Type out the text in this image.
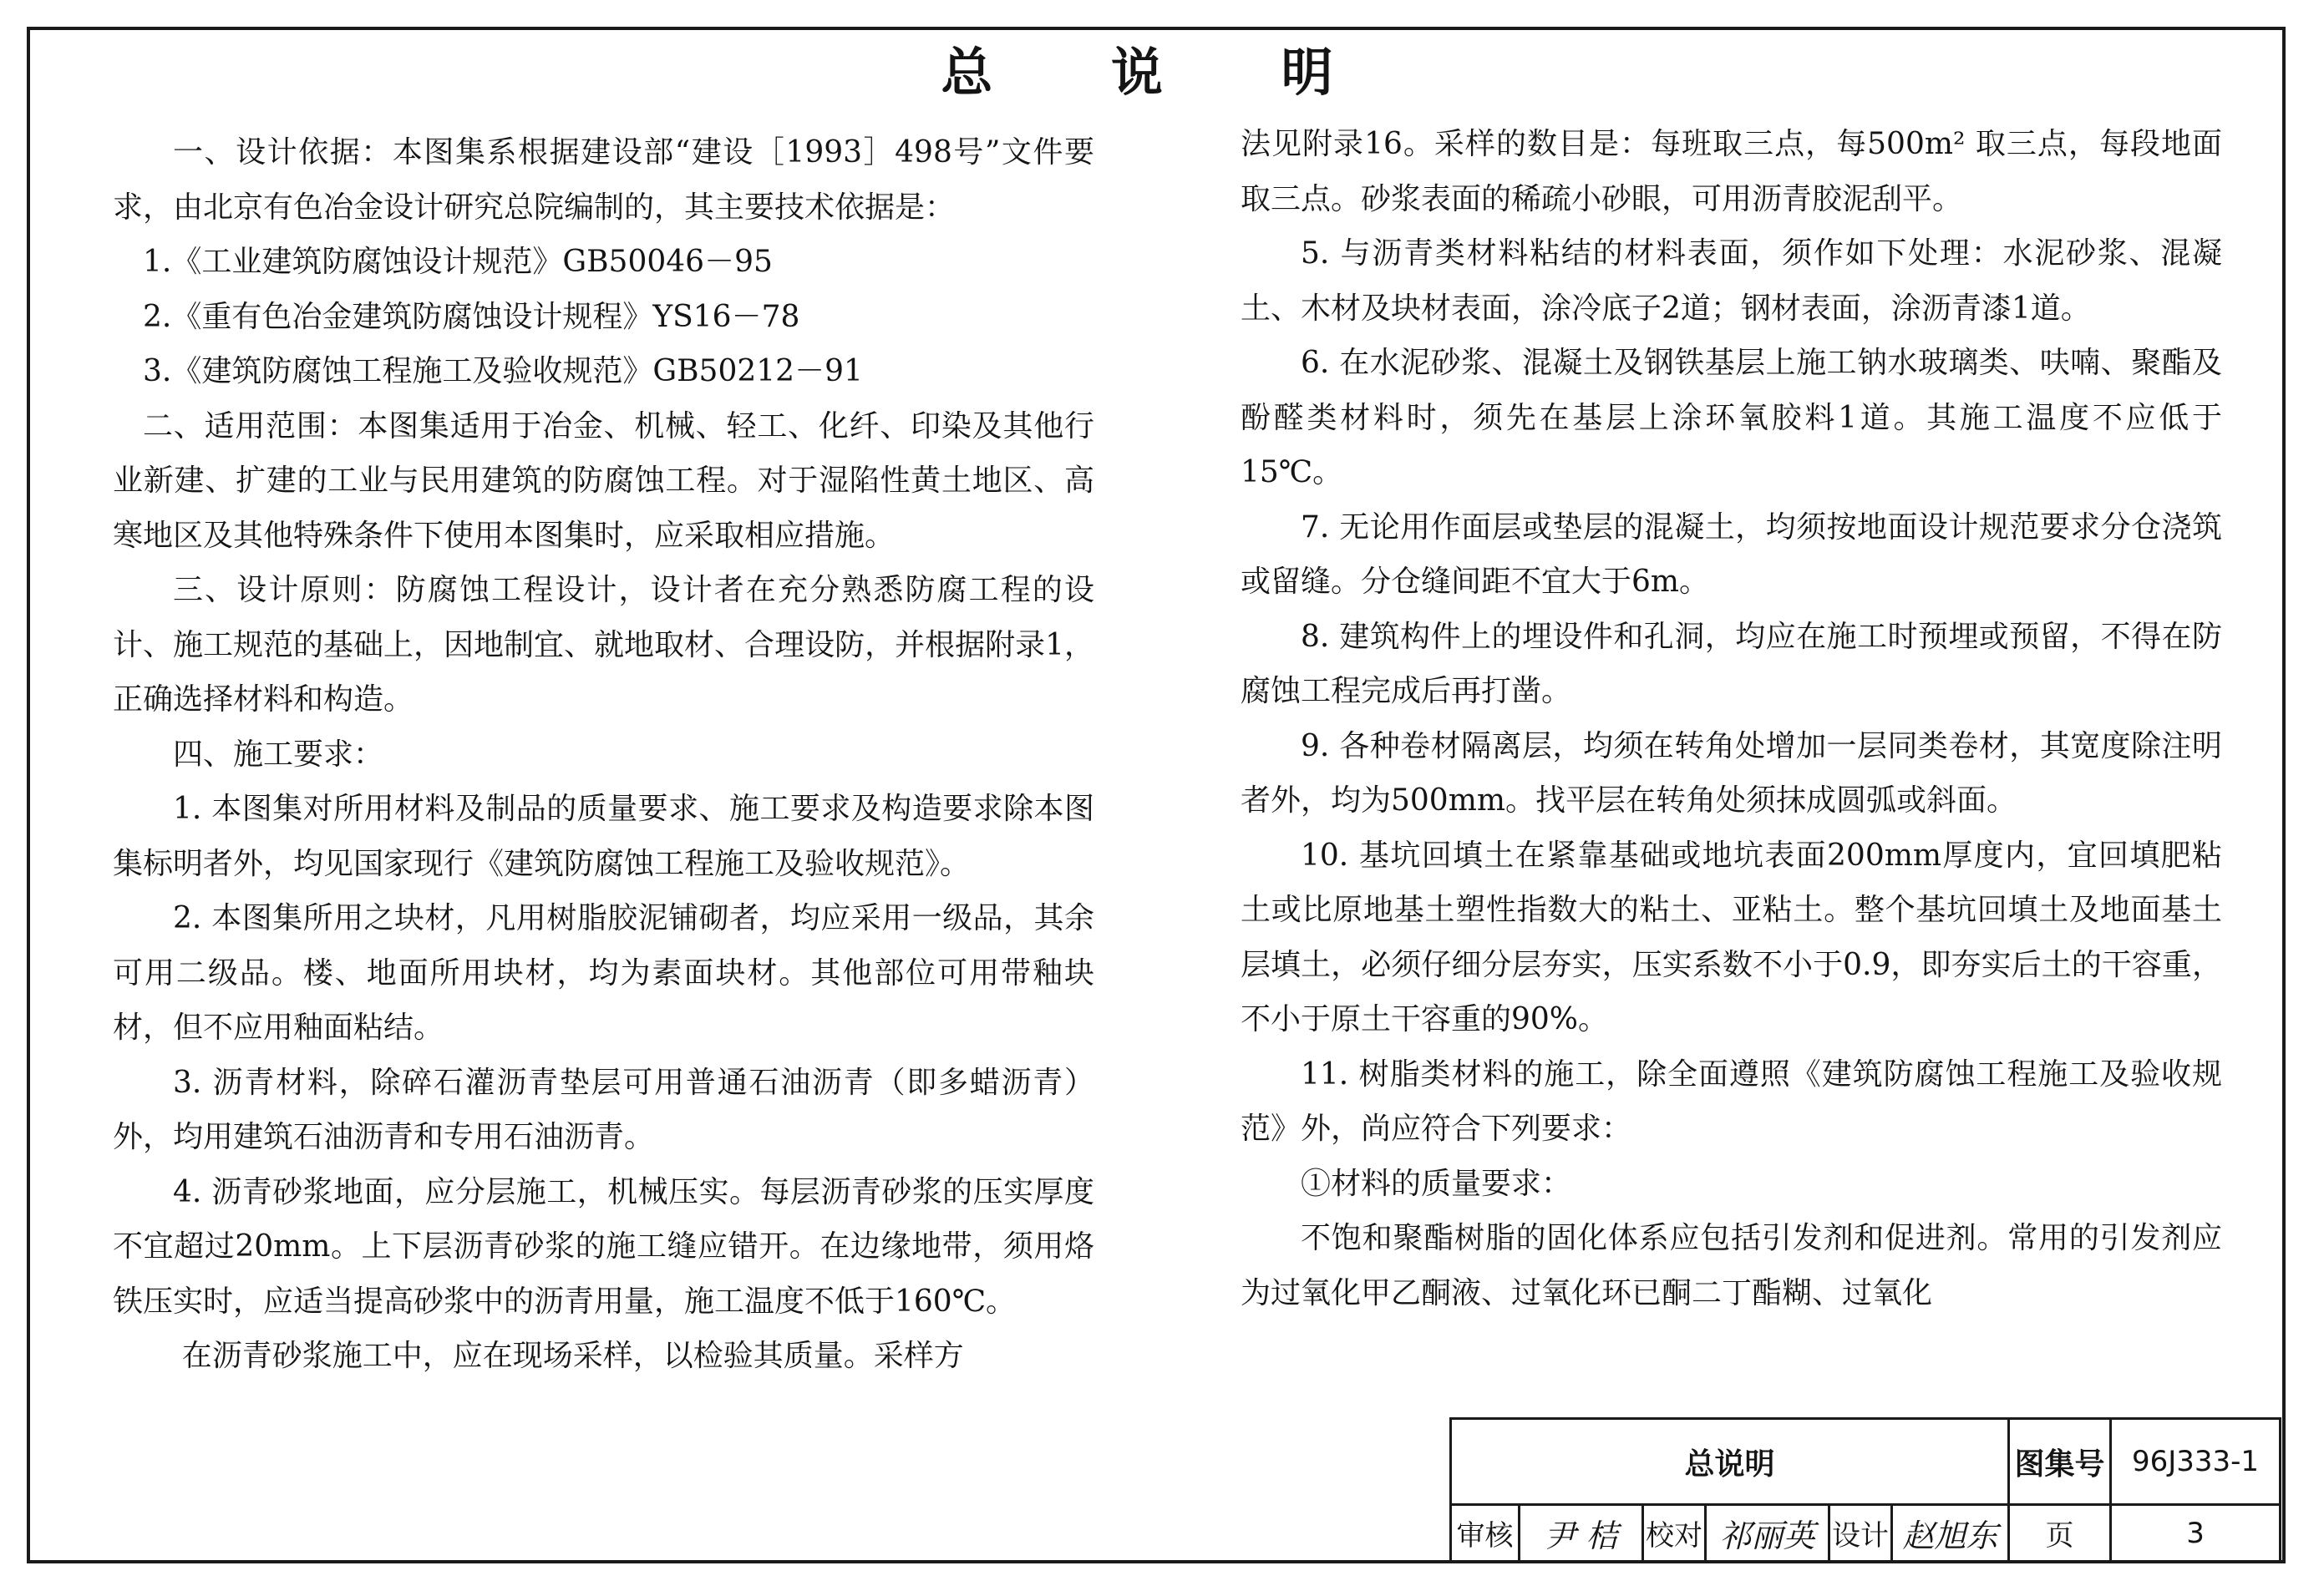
总 说 明

一、设计依据：本图集系根据建设部“建设［1993］498号”文件要求，由北京有色冶金设计研究总院编制的，其主要技术依据是：

1.《工业建筑防腐蚀设计规范》GB50046－95

2.《重有色冶金建筑防腐蚀设计规程》YS16－78

3.《建筑防腐蚀工程施工及验收规范》GB50212－91

二、适用范围：本图集适用于冶金、机械、轻工、化纤、印染及其他行业新建、扩建的工业与民用建筑的防腐蚀工程。对于湿陷性黄土地区、高寒地区及其他特殊条件下使用本图集时，应采取相应措施。

三、设计原则：防腐蚀工程设计，设计者在充分熟悉防腐工程的设计、施工规范的基础上，因地制宜、就地取材、合理设防，并根据附录1，正确选择材料和构造。

四、施工要求：

1. 本图集对所用材料及制品的质量要求、施工要求及构造要求除本图集标明者外，均见国家现行《建筑防腐蚀工程施工及验收规范》。

2. 本图集所用之块材，凡用树脂胶泥铺砌者，均应采用一级品，其余可用二级品。楼、地面所用块材，均为素面块材。其他部位可用带釉块材，但不应用釉面粘结。

3. 沥青材料，除碎石灌沥青垫层可用普通石油沥青（即多蜡沥青）外，均用建筑石油沥青和专用石油沥青。

4. 沥青砂浆地面，应分层施工，机械压实。每层沥青砂浆的压实厚度不宜超过20mm。上下层沥青砂浆的施工缝应错开。在边缘地带，须用烙铁压实时，应适当提高砂浆中的沥青用量，施工温度不低于160℃。

在沥青砂浆施工中，应在现场采样，以检验其质量。采样方

法见附录16。采样的数目是：每班取三点，每500m² 取三点，每段地面取三点。砂浆表面的稀疏小砂眼，可用沥青胶泥刮平。

5. 与沥青类材料粘结的材料表面，须作如下处理：水泥砂浆、混凝土、木材及块材表面，涂冷底子2道；钢材表面，涂沥青漆1道。

6. 在水泥砂浆、混凝土及钢铁基层上施工钠水玻璃类、呋喃、聚酯及酚醛类材料时，须先在基层上涂环氧胶料1道。其施工温度不应低于15℃。

7. 无论用作面层或垫层的混凝土，均须按地面设计规范要求分仓浇筑或留缝。分仓缝间距不宜大于6m。

8. 建筑构件上的埋设件和孔洞，均应在施工时预埋或预留，不得在防腐蚀工程完成后再打凿。

9. 各种卷材隔离层，均须在转角处增加一层同类卷材，其宽度除注明者外，均为500mm。找平层在转角处须抹成圆弧或斜面。

10. 基坑回填土在紧靠基础或地坑表面200mm厚度内，宜回填肥粘土或比原地基土塑性指数大的粘土、亚粘土。整个基坑回填土及地面基土层填土，必须仔细分层夯实，压实系数不小于0.9，即夯实后土的干容重，不小于原土干容重的90%。

11. 树脂类材料的施工，除全面遵照《建筑防腐蚀工程施工及验收规范》外，尚应符合下列要求：

①材料的质量要求：

不饱和聚酯树脂的固化体系应包括引发剂和促进剂。常用的引发剂应为过氧化甲乙酮液、过氧化环已酮二丁酯糊、过氧化

总说明						图集号	96J333-1
审核	尹 桔	校对	祁丽英	设计	赵旭东	页	3
